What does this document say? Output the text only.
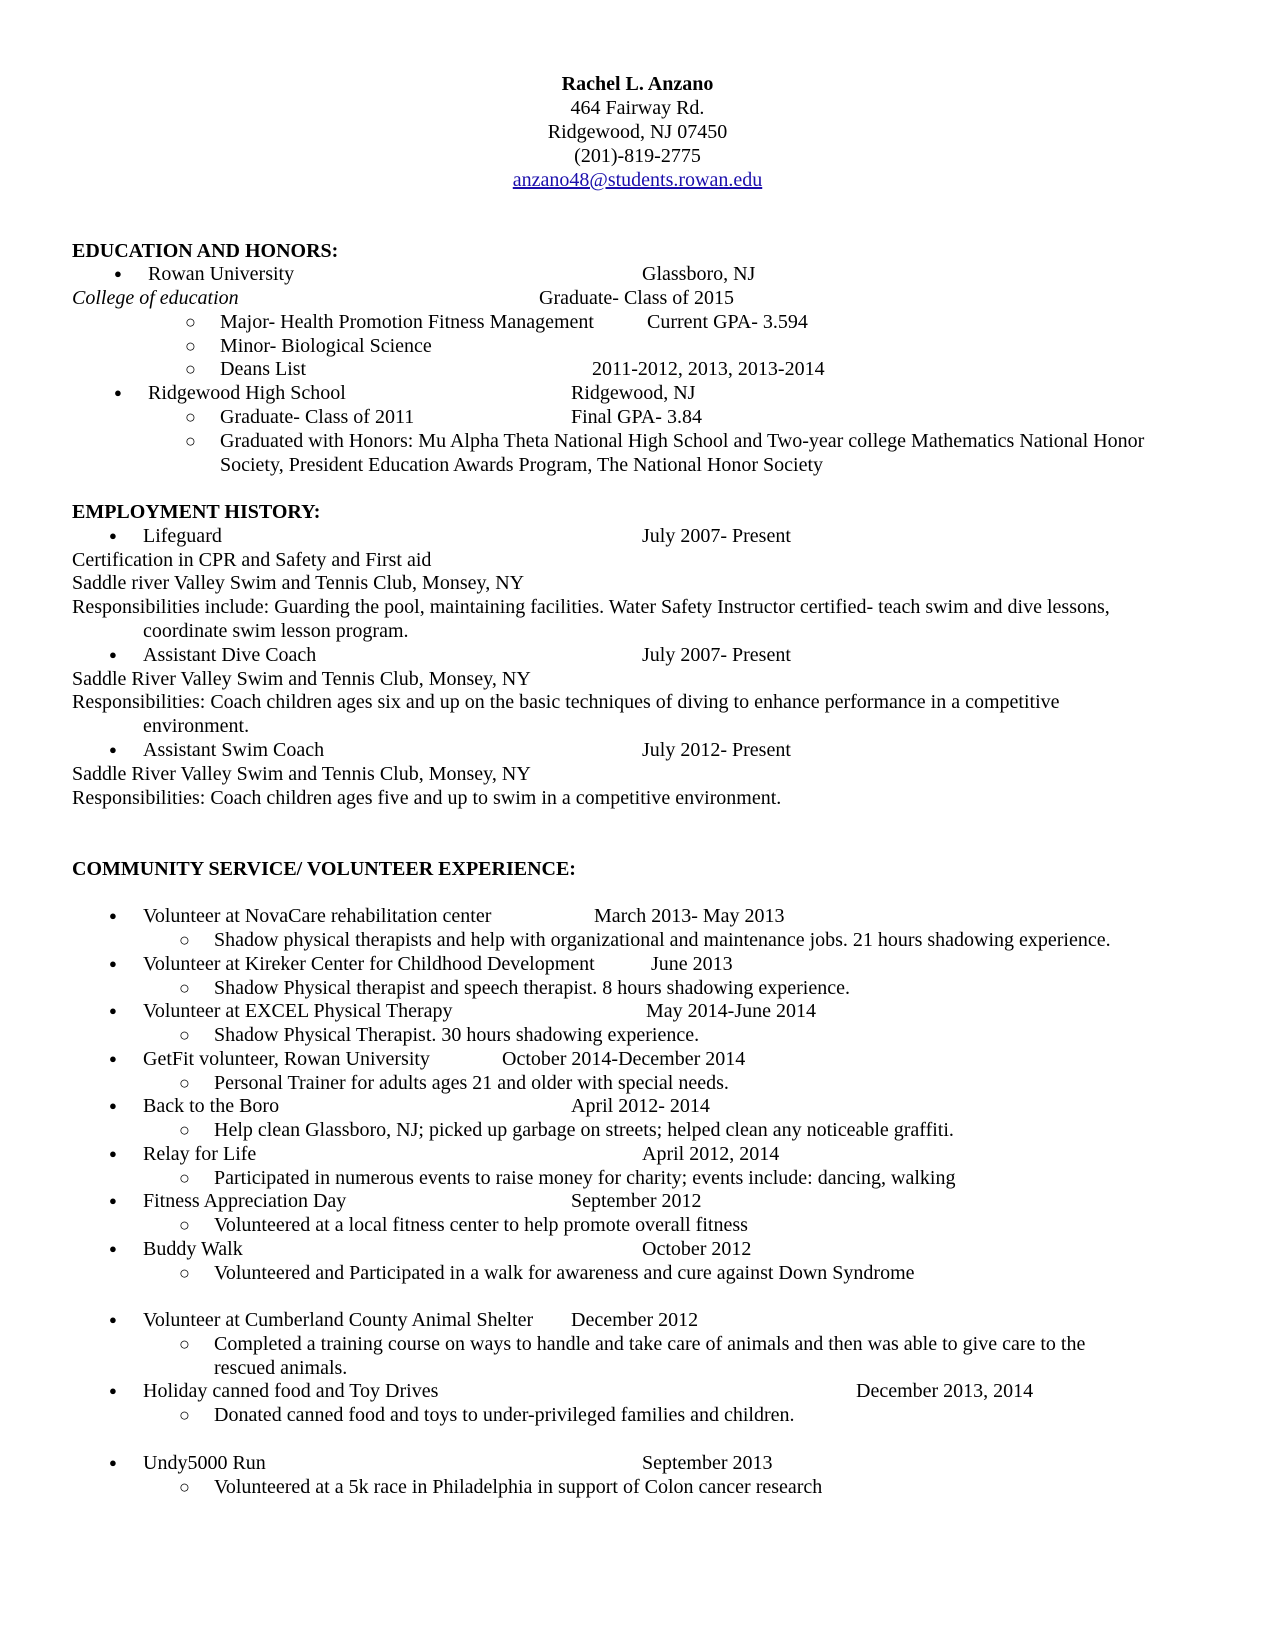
Rachel L. Anzano
464 Fairway Rd.
Ridgewood, NJ 07450
(201)-819-2775
anzano48@students.rowan.edu
EDUCATION AND HONORS:
● Rowan University	Glassboro, NJ
College of education	Graduate- Class of 2015
○ Major- Health Promotion Fitness Management	Current GPA- 3.594
○ Minor- Biological Science
○ Deans List	2011-2012, 2013, 2013-2014
● Ridgewood High School	Ridgewood, NJ
○ Graduate- Class of 2011	Final GPA- 3.84
○ Graduated with Honors: Mu Alpha Theta National High School and Two-year college Mathematics National Honor
Society, President Education Awards Program, The National Honor Society
EMPLOYMENT HISTORY:
● Lifeguard	July 2007- Present
Certification in CPR and Safety and First aid
Saddle river Valley Swim and Tennis Club, Monsey, NY
Responsibilities include: Guarding the pool, maintaining facilities. Water Safety Instructor certified- teach swim and dive lessons,
coordinate swim lesson program.
● Assistant Dive Coach	July 2007- Present
Saddle River Valley Swim and Tennis Club, Monsey, NY
Responsibilities: Coach children ages six and up on the basic techniques of diving to enhance performance in a competitive
environment.
● Assistant Swim Coach	July 2012- Present
Saddle River Valley Swim and Tennis Club, Monsey, NY
Responsibilities: Coach children ages five and up to swim in a competitive environment.
COMMUNITY SERVICE/ VOLUNTEER EXPERIENCE:
● Volunteer at NovaCare rehabilitation center	March 2013- May 2013
○ Shadow physical therapists and help with organizational and maintenance jobs. 21 hours shadowing experience.
● Volunteer at Kireker Center for Childhood Development	June 2013
○ Shadow Physical therapist and speech therapist. 8 hours shadowing experience.
● Volunteer at EXCEL Physical Therapy	May 2014-June 2014
○ Shadow Physical Therapist. 30 hours shadowing experience.
● GetFit volunteer, Rowan University	October 2014-December 2014
○ Personal Trainer for adults ages 21 and older with special needs.
● Back to the Boro	April 2012- 2014
○ Help clean Glassboro, NJ; picked up garbage on streets; helped clean any noticeable graffiti.
● Relay for Life	April 2012, 2014
○ Participated in numerous events to raise money for charity; events include: dancing, walking
● Fitness Appreciation Day	September 2012
○ Volunteered at a local fitness center to help promote overall fitness
● Buddy Walk	October 2012
○ Volunteered and Participated in a walk for awareness and cure against Down Syndrome
● Volunteer at Cumberland County Animal Shelter December 2012
○ Completed a training course on ways to handle and take care of animals and then was able to give care to the
rescued animals.
● Holiday canned food and Toy Drives	December 2013, 2014
○ Donated canned food and toys to under-privileged families and children.
● Undy5000 Run	September 2013
○ Volunteered at a 5k race in Philadelphia in support of Colon cancer research
